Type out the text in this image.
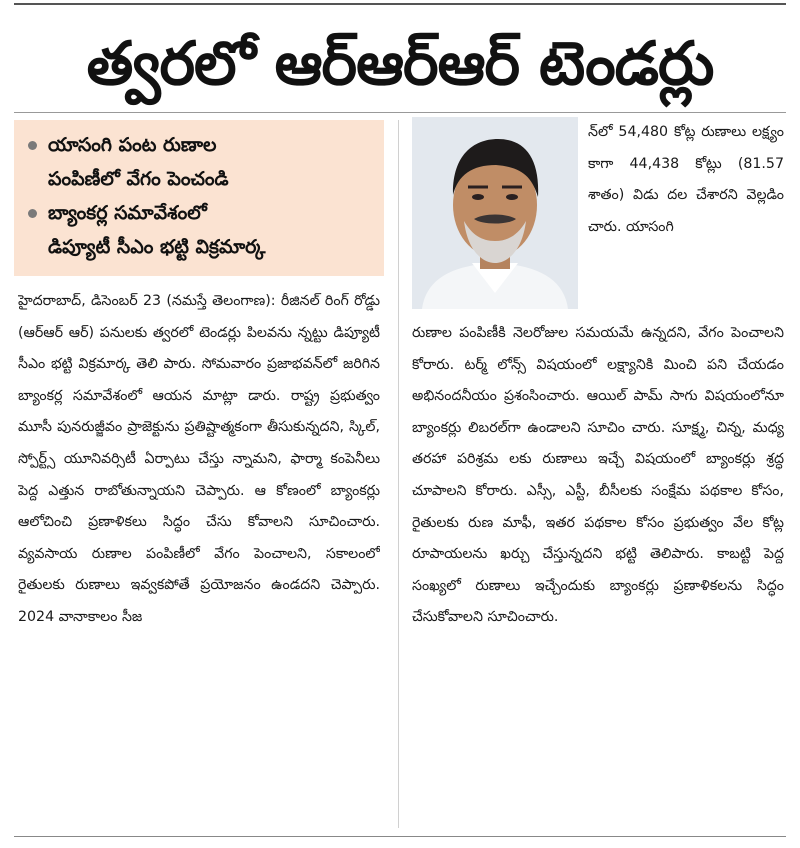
త్వరలో ఆర్‌ఆర్‌ఆర్ టెండర్లు
యాసంగి పంట రుణాల
పంపిణీలో వేగం పెంచండి
బ్యాంకర్ల సమావేశంలో
డిప్యూటీ సీఎం భట్టి విక్రమార్క
హైదరాబాద్, డిసెంబర్ 23 (నమస్తే తెలంగాణ): రీజినల్ రింగ్ రోడ్డు (ఆర్‌ఆర్ ఆర్) పనులకు త్వరలో టెండర్లు పిలవను న్నట్టు డిప్యూటీ సీఎం భట్టి విక్రమార్క తెలి పారు. సోమవారం ప్రజాభవన్‌లో జరిగిన బ్యాంకర్ల సమావేశంలో ఆయన మాట్లా డారు. రాష్ట్ర ప్రభుత్వం మూసీ పునరుజ్జీవం ప్రాజెక్టును ప్రతిష్టాత్మకంగా తీసుకున్నదని, స్కిల్, స్పోర్ట్స్ యూనివర్సిటీ ఏర్పాటు చేస్తు న్నామని, ఫార్మా కంపెనీలు పెద్ద ఎత్తున రాబోతున్నాయని చెప్పారు. ఆ కోణంలో బ్యాంకర్లు ఆలోచించి ప్రణాళికలు సిద్ధం చేసు కోవాలని సూచించారు. వ్యవసాయ రుణాల పంపిణీలో వేగం పెంచాలని, సకాలంలో రైతులకు రుణాలు ఇవ్వకపోతే ప్రయోజనం ఉండదని చెప్పారు. 2024 వానాకాలం సీజ
న్‌లో 54,480 కోట్ల రుణాలు లక్ష్యం కాగా 44,438 కోట్లు (81.57 శాతం) విడు దల చేశారని వెల్లడిం చారు. యాసంగి
రుణాల పంపిణీకి నెలరోజుల సమయమే ఉన్నదని, వేగం పెంచాలని కోరారు. టర్మ్ లోన్స్ విషయంలో లక్ష్యానికి మించి పని చేయడం అభినందనీయం ప్రశంసించారు. ఆయిల్ పామ్ సాగు విషయంలోనూ బ్యాంకర్లు లిబరల్‌గా ఉండాలని సూచిం చారు. సూక్ష్మ, చిన్న, మధ్య తరహా పరిశ్రమ లకు రుణాలు ఇచ్చే విషయంలో బ్యాంకర్లు శ్రద్ధ చూపాలని కోరారు. ఎస్సీ, ఎస్టీ, బీసీలకు సంక్షేమ పథకాల కోసం, రైతులకు రుణ మాఫీ, ఇతర పథకాల కోసం ప్రభుత్వం వేల కోట్ల రూపాయలను ఖర్చు చేస్తున్నదని భట్టి తెలిపారు. కాబట్టి పెద్ద సంఖ్యలో రుణాలు ఇచ్చేందుకు బ్యాంకర్లు ప్రణాళికలను సిద్ధం చేసుకోవాలని సూచించారు.
